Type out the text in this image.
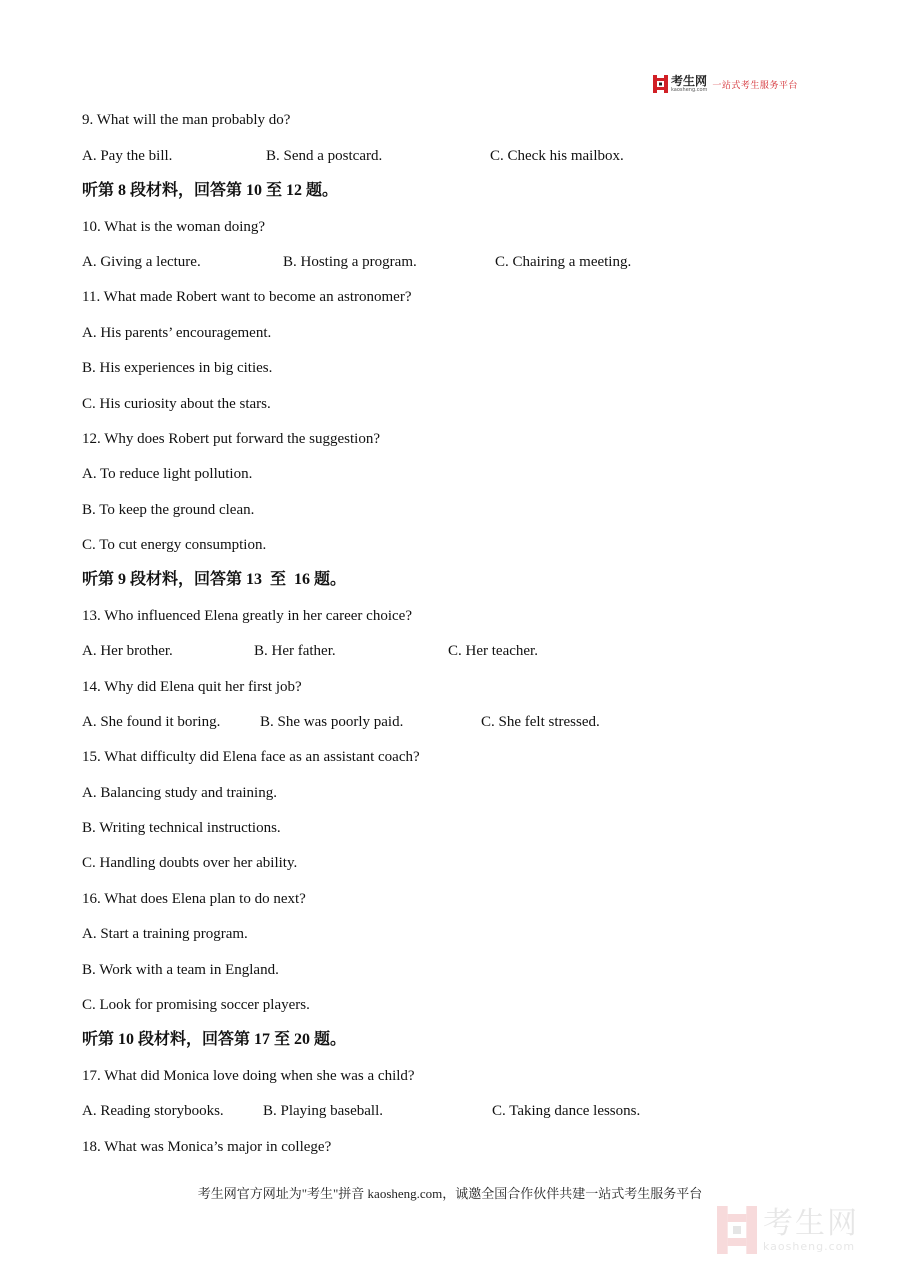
考生网
kaosheng.com 一站式考生服务平台
9. What will the man probably do?
A. Pay the bill.	B. Send a postcard.	C. Check his mailbox.
听第 8 段材料，回答第 10 至 12 题。
10. What is the woman doing?
A. Giving a lecture.	B. Hosting a program.	C. Chairing a meeting.
11. What made Robert want to become an astronomer?
A. His parents’ encouragement.
B. His experiences in big cities.
C. His curiosity about the stars.
12. Why does Robert put forward the suggestion?
A. To reduce light pollution.
B. To keep the ground clean.
C. To cut energy consumption.
听第 9 段材料，回答第 13  至  16 题。
13. Who influenced Elena greatly in her career choice?
A. Her brother.	B. Her father.	C. Her teacher.
14. Why did Elena quit her first job?
A. She found it boring.	B. She was poorly paid.	C. She felt stressed.
15. What difficulty did Elena face as an assistant coach?
A. Balancing study and training.
B. Writing technical instructions.
C. Handling doubts over her ability.
16. What does Elena plan to do next?
A. Start a training program.
B. Work with a team in England.
C. Look for promising soccer players.
听第 10 段材料，回答第 17 至 20 题。
17. What did Monica love doing when she was a child?
A. Reading storybooks.	B. Playing baseball.	C. Taking dance lessons.
18. What was Monica’s major in college?
考生网官方网址为"考生"拼音 kaosheng.com，诚邀全国合作伙伴共建一站式考生服务平台
考生网
kaosheng.com
